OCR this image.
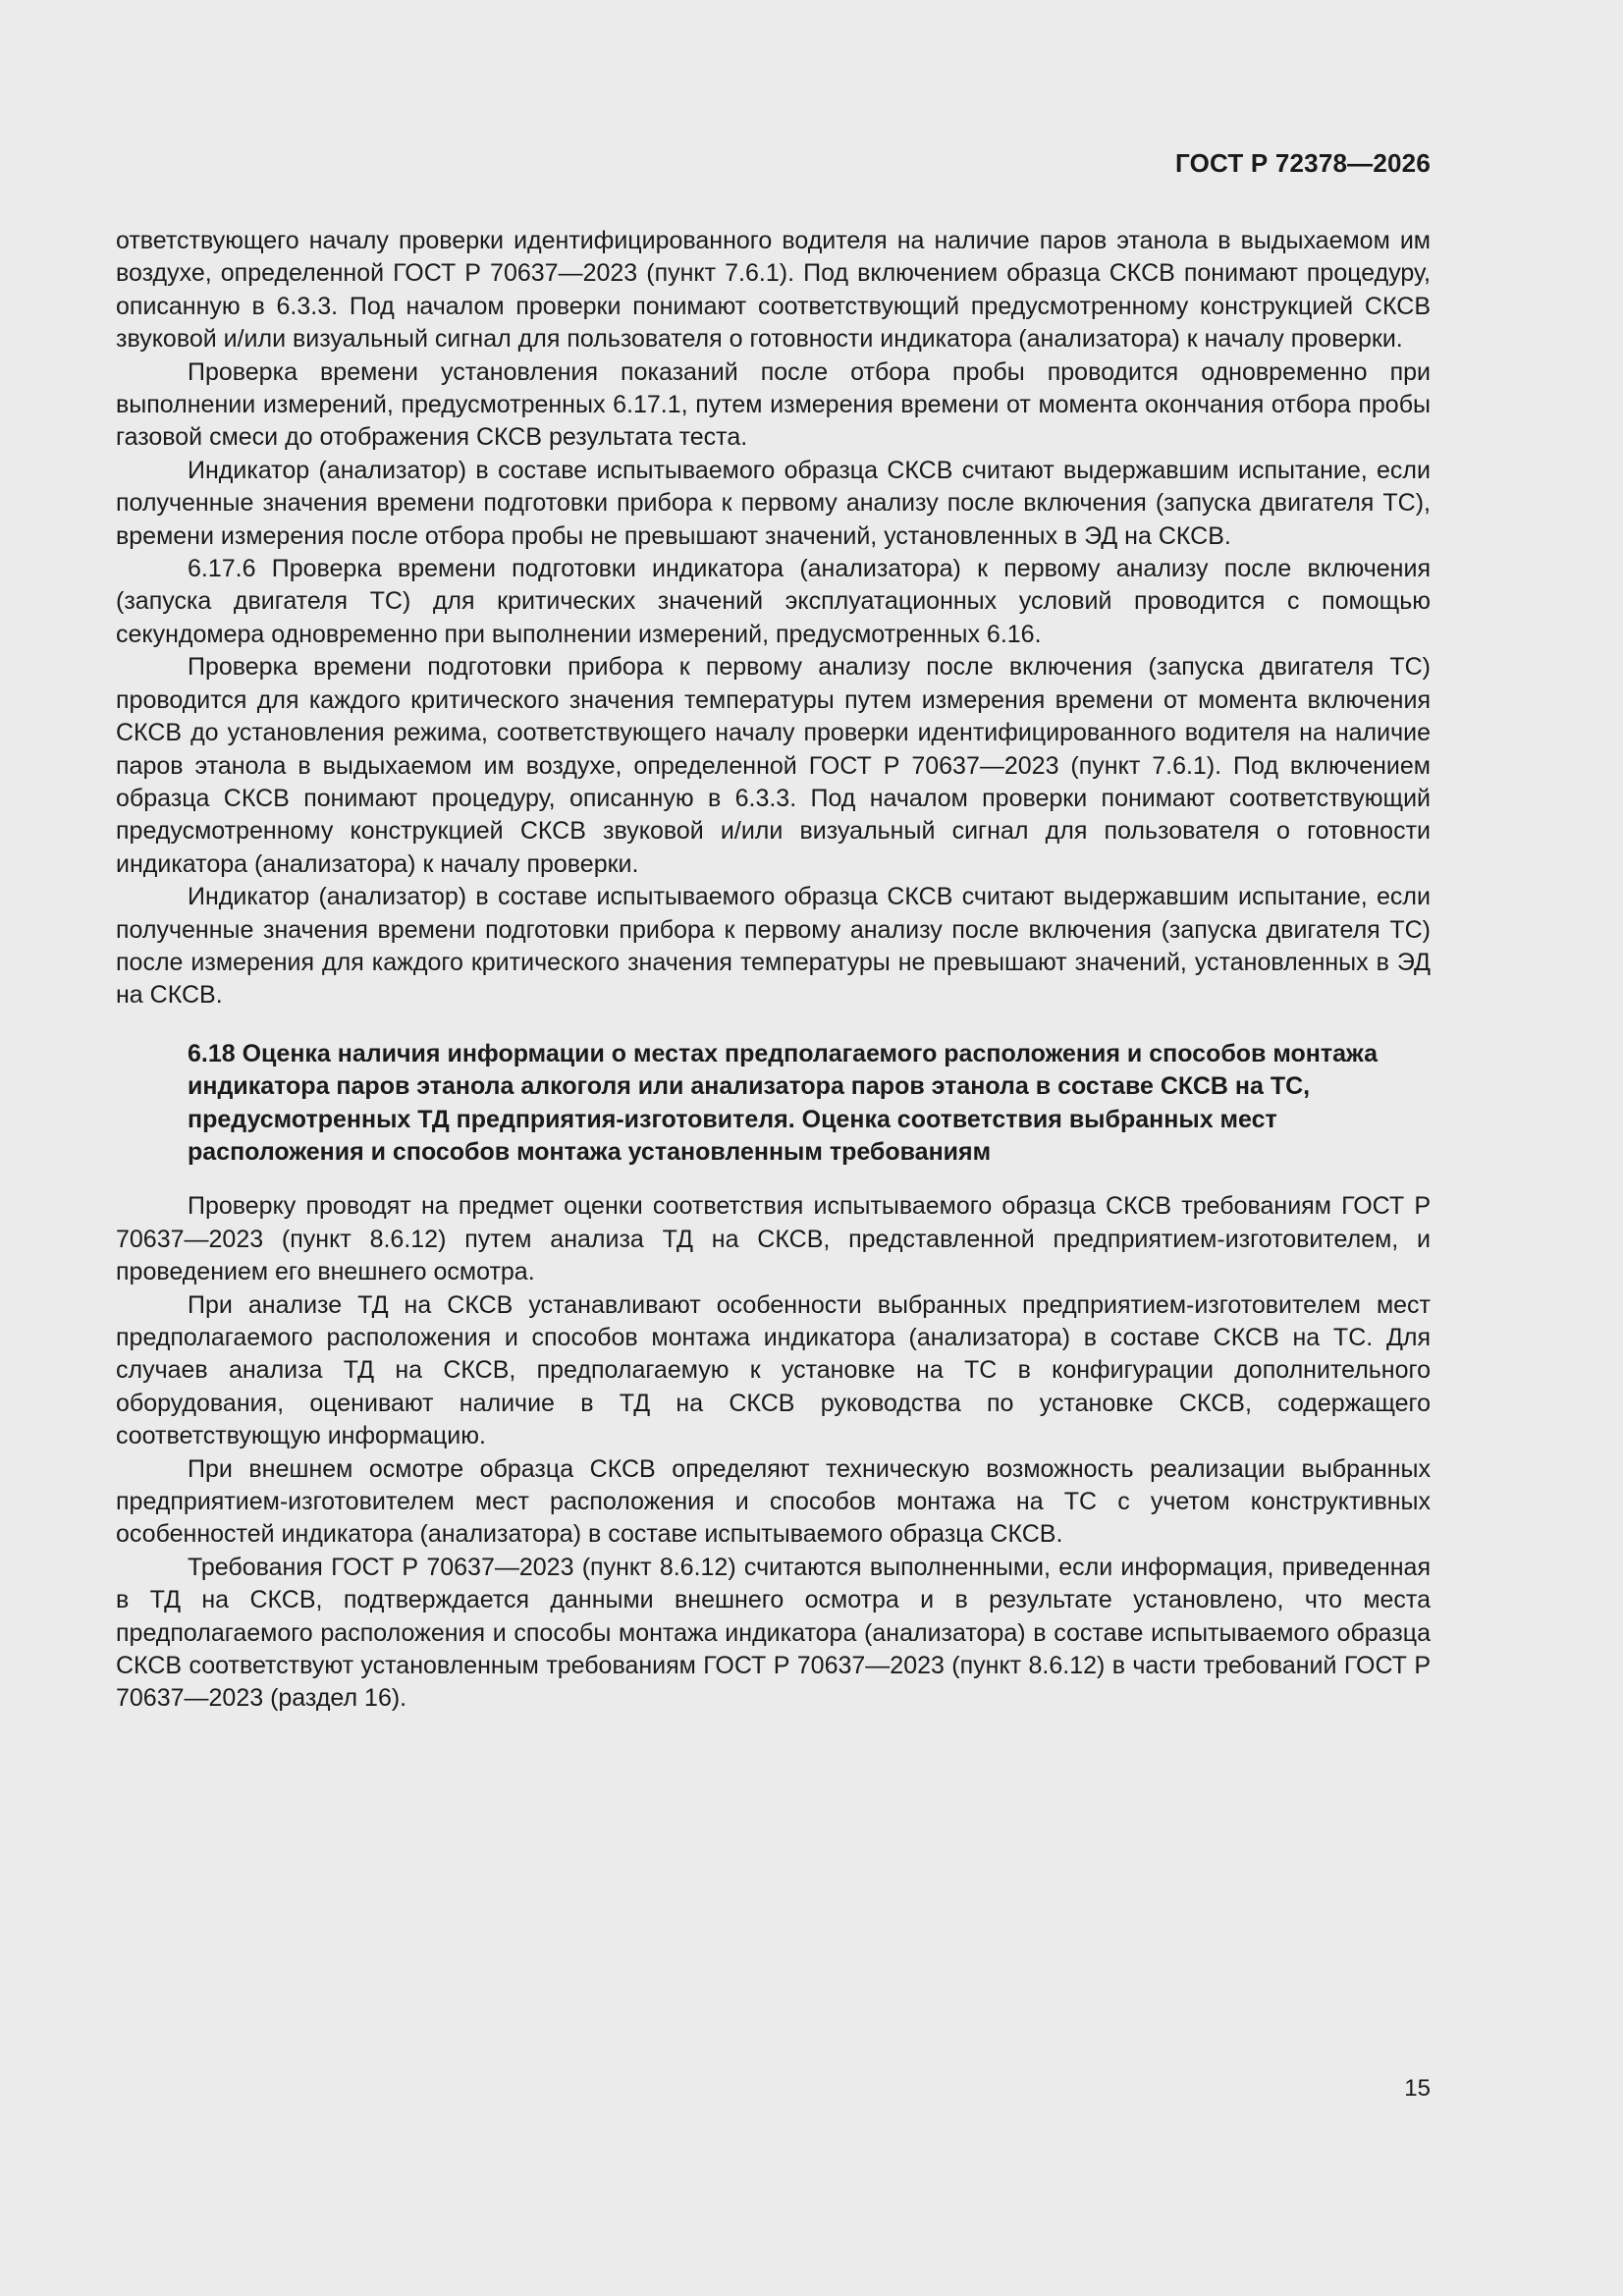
ГОСТ Р 72378—2026

ответствующего началу проверки идентифицированного водителя на наличие паров этанола в выдыхаемом им воздухе, определенной ГОСТ Р 70637—2023 (пункт 7.6.1). Под включением образца СКСВ понимают процедуру, описанную в 6.3.3. Под началом проверки понимают соответствующий предусмотренному конструкцией СКСВ звуковой и/или визуальный сигнал для пользователя о готовности индикатора (анализатора) к началу проверки.

Проверка времени установления показаний после отбора пробы проводится одновременно при выполнении измерений, предусмотренных 6.17.1, путем измерения времени от момента окончания отбора пробы газовой смеси до отображения СКСВ результата теста.

Индикатор (анализатор) в составе испытываемого образца СКСВ считают выдержавшим испытание, если полученные значения времени подготовки прибора к первому анализу после включения (запуска двигателя ТС), времени измерения после отбора пробы не превышают значений, установленных в ЭД на СКСВ.

6.17.6 Проверка времени подготовки индикатора (анализатора) к первому анализу после включения (запуска двигателя ТС) для критических значений эксплуатационных условий проводится с помощью секундомера одновременно при выполнении измерений, предусмотренных 6.16.

Проверка времени подготовки прибора к первому анализу после включения (запуска двигателя ТС) проводится для каждого критического значения температуры путем измерения времени от момента включения СКСВ до установления режима, соответствующего началу проверки идентифицированного водителя на наличие паров этанола в выдыхаемом им воздухе, определенной ГОСТ Р 70637—2023 (пункт 7.6.1). Под включением образца СКСВ понимают процедуру, описанную в 6.3.3. Под началом проверки понимают соответствующий предусмотренному конструкцией СКСВ звуковой и/или визуальный сигнал для пользователя о готовности индикатора (анализатора) к началу проверки.

Индикатор (анализатор) в составе испытываемого образца СКСВ считают выдержавшим испытание, если полученные значения времени подготовки прибора к первому анализу после включения (запуска двигателя ТС) после измерения для каждого критического значения температуры не превышают значений, установленных в ЭД на СКСВ.

6.18 Оценка наличия информации о местах предполагаемого расположения и способов монтажа индикатора паров этанола алкоголя или анализатора паров этанола в составе СКСВ на ТС, предусмотренных ТД предприятия-изготовителя. Оценка соответствия выбранных мест расположения и способов монтажа установленным требованиям

Проверку проводят на предмет оценки соответствия испытываемого образца СКСВ требованиям ГОСТ Р 70637—2023 (пункт 8.6.12) путем анализа ТД на СКСВ, представленной предприятием-изготовителем, и проведением его внешнего осмотра.

При анализе ТД на СКСВ устанавливают особенности выбранных предприятием-изготовителем мест предполагаемого расположения и способов монтажа индикатора (анализатора) в составе СКСВ на ТС. Для случаев анализа ТД на СКСВ, предполагаемую к установке на ТС в конфигурации дополнительного оборудования, оценивают наличие в ТД на СКСВ руководства по установке СКСВ, содержащего соответствующую информацию.

При внешнем осмотре образца СКСВ определяют техническую возможность реализации выбранных предприятием-изготовителем мест расположения и способов монтажа на ТС с учетом конструктивных особенностей индикатора (анализатора) в составе испытываемого образца СКСВ.

Требования ГОСТ Р 70637—2023 (пункт 8.6.12) считаются выполненными, если информация, приведенная в ТД на СКСВ, подтверждается данными внешнего осмотра и в результате установлено, что места предполагаемого расположения и способы монтажа индикатора (анализатора) в составе испытываемого образца СКСВ соответствуют установленным требованиям ГОСТ Р 70637—2023 (пункт 8.6.12) в части требований ГОСТ Р 70637—2023 (раздел 16).

15
